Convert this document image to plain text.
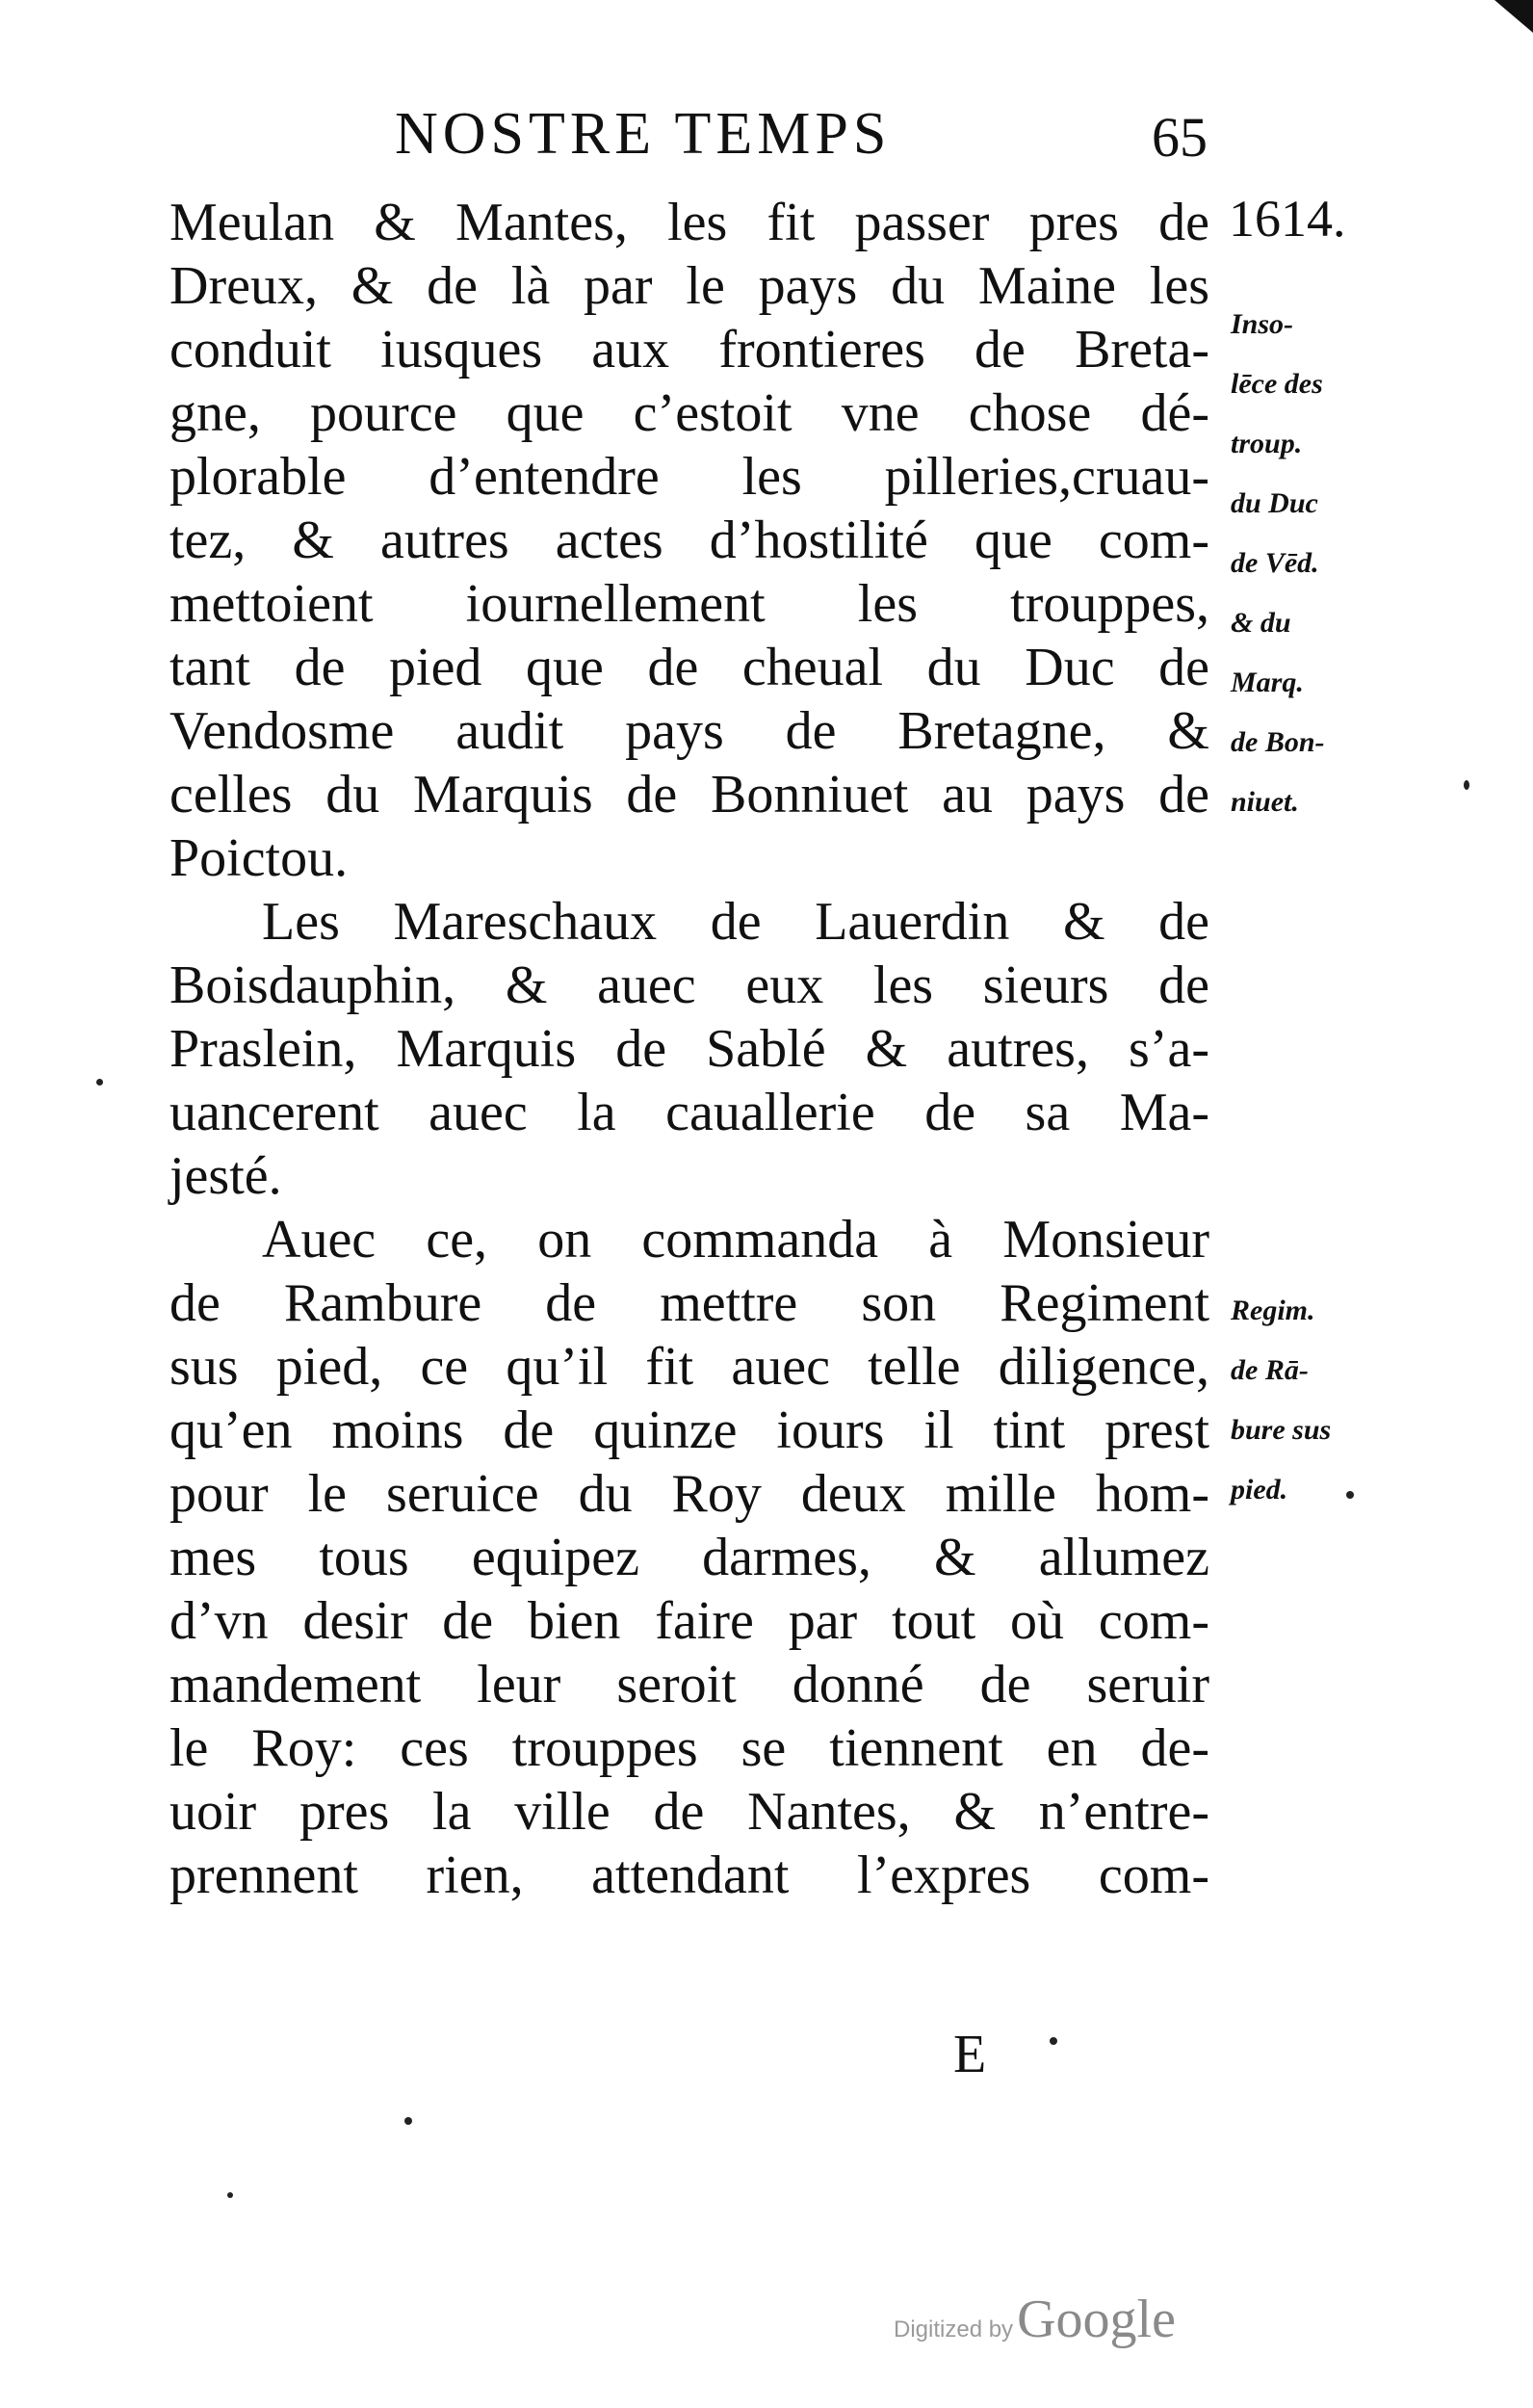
NOSTRE TEMPS	65
1614.
Meulan & Mantes, les fit passer pres de
Dreux, & de là par le pays du Maine les
conduit iusques aux frontieres de Breta-
gne, pource que c’estoit vne chose dé-
plorable d’entendre les pilleries,cruau-
tez, & autres actes d’hostilité que com-
mettoient iournellement les trouppes,
tant de pied que de cheual du Duc de
Vendosme audit pays de Bretagne, &
celles du Marquis de Bonniuet au pays de
Poictou.
Les Mareschaux de Lauerdin & de
Boisdauphin, & auec eux les sieurs de
Praslein, Marquis de Sablé & autres, s’a-
uancerent auec la cauallerie de sa Ma-
jesté.
Auec ce, on commanda à Monsieur
de Rambure de mettre son Regiment
sus pied, ce qu’il fit auec telle diligence,
qu’en moins de quinze iours il tint prest
pour le seruice du Roy deux mille hom-
mes tous equipez darmes, & allumez
d’vn desir de bien faire par tout où com-
mandement leur seroit donné de seruir
le Roy: ces trouppes se tiennent en de-
uoir pres la ville de Nantes, & n’entre-
prennent rien, attendant l’expres com-
Inso-
lēce des
troup.
du Duc
de Vēd.
& du
Marq.
de Bon-
niuet.
Regim.
de Rā-
bure sus
pied.
E
Digitized by Google
